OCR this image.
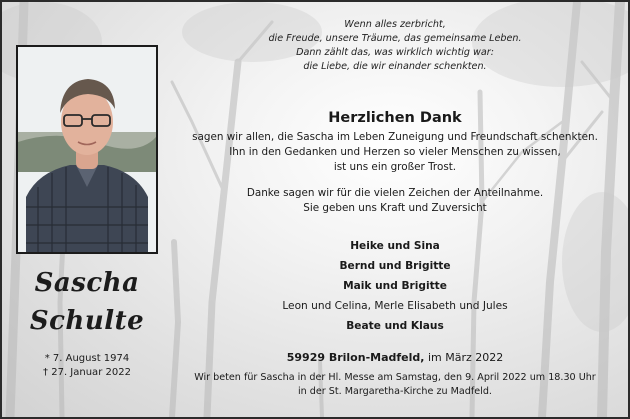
Sascha
Schulte
* 7. August 1974
† 27. Januar 2022
Wenn alles zerbricht,
die Freude, unsere Träume, das gemeinsame Leben.
Dann zählt das, was wirklich wichtig war:
die Liebe, die wir einander schenkten.
Herzlichen Dank
sagen wir allen, die Sascha im Leben Zuneigung und Freundschaft schenkten.
Ihn in den Gedanken und Herzen so vieler Menschen zu wissen,
ist uns ein großer Trost.
Danke sagen wir für die vielen Zeichen der Anteilnahme.
Sie geben uns Kraft und Zuversicht
Heike und Sina
Bernd und Brigitte
Maik und Brigitte
Leon und Celina, Merle Elisabeth und Jules
Beate und Klaus
59929 Brilon-Madfeld, im März 2022
Wir beten für Sascha in der Hl. Messe am Samstag, den 9. April 2022 um 18.30 Uhr
in der St. Margaretha-Kirche zu Madfeld.
